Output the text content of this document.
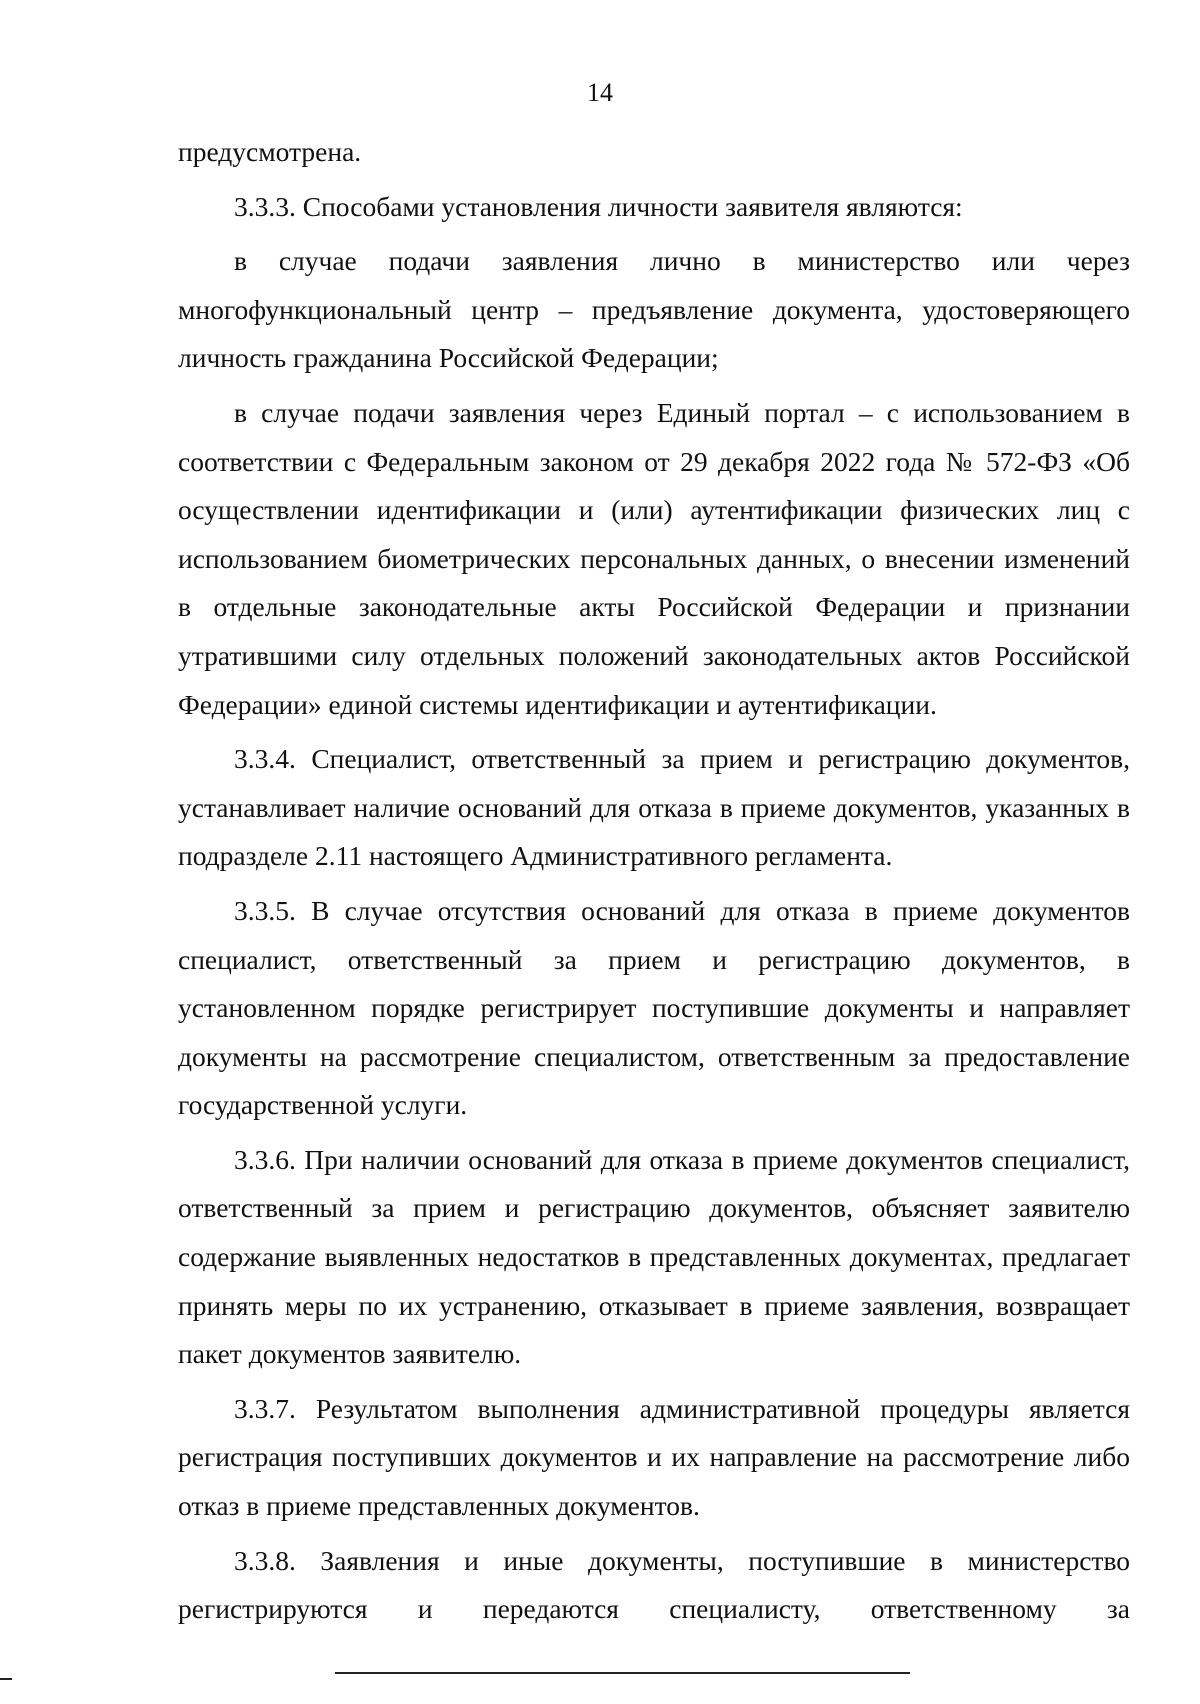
14

предусмотрена.

3.3.3. Способами установления личности заявителя являются:

в случае подачи заявления лично в министерство или через многофункциональный центр – предъявление документа, удостоверяющего личность гражданина Российской Федерации;

в случае подачи заявления через Единый портал – с использованием в соответствии с Федеральным законом от 29 декабря 2022 года № 572-ФЗ «Об осуществлении идентификации и (или) аутентификации физических лиц с использованием биометрических персональных данных, о внесении изменений в отдельные законодательные акты Российской Федерации и признании утратившими силу отдельных положений законодательных актов Российской Федерации» единой системы идентификации и аутентификации.

3.3.4. Специалист, ответственный за прием и регистрацию документов, устанавливает наличие оснований для отказа в приеме документов, указанных в подразделе 2.11 настоящего Административного регламента.

3.3.5. В случае отсутствия оснований для отказа в приеме документов специалист, ответственный за прием и регистрацию документов, в установленном порядке регистрирует поступившие документы и направляет документы на рассмотрение специалистом, ответственным за предоставление государственной услуги.

3.3.6. При наличии оснований для отказа в приеме документов специалист, ответственный за прием и регистрацию документов, объясняет заявителю содержание выявленных недостатков в представленных документах, предлагает принять меры по их устранению, отказывает в приеме заявления, возвращает пакет документов заявителю.

3.3.7. Результатом выполнения административной процедуры является регистрация поступивших документов и их направление на рассмотрение либо отказ в приеме представленных документов.

3.3.8. Заявления и иные документы, поступившие в министерство регистрируются и передаются специалисту, ответственному за
